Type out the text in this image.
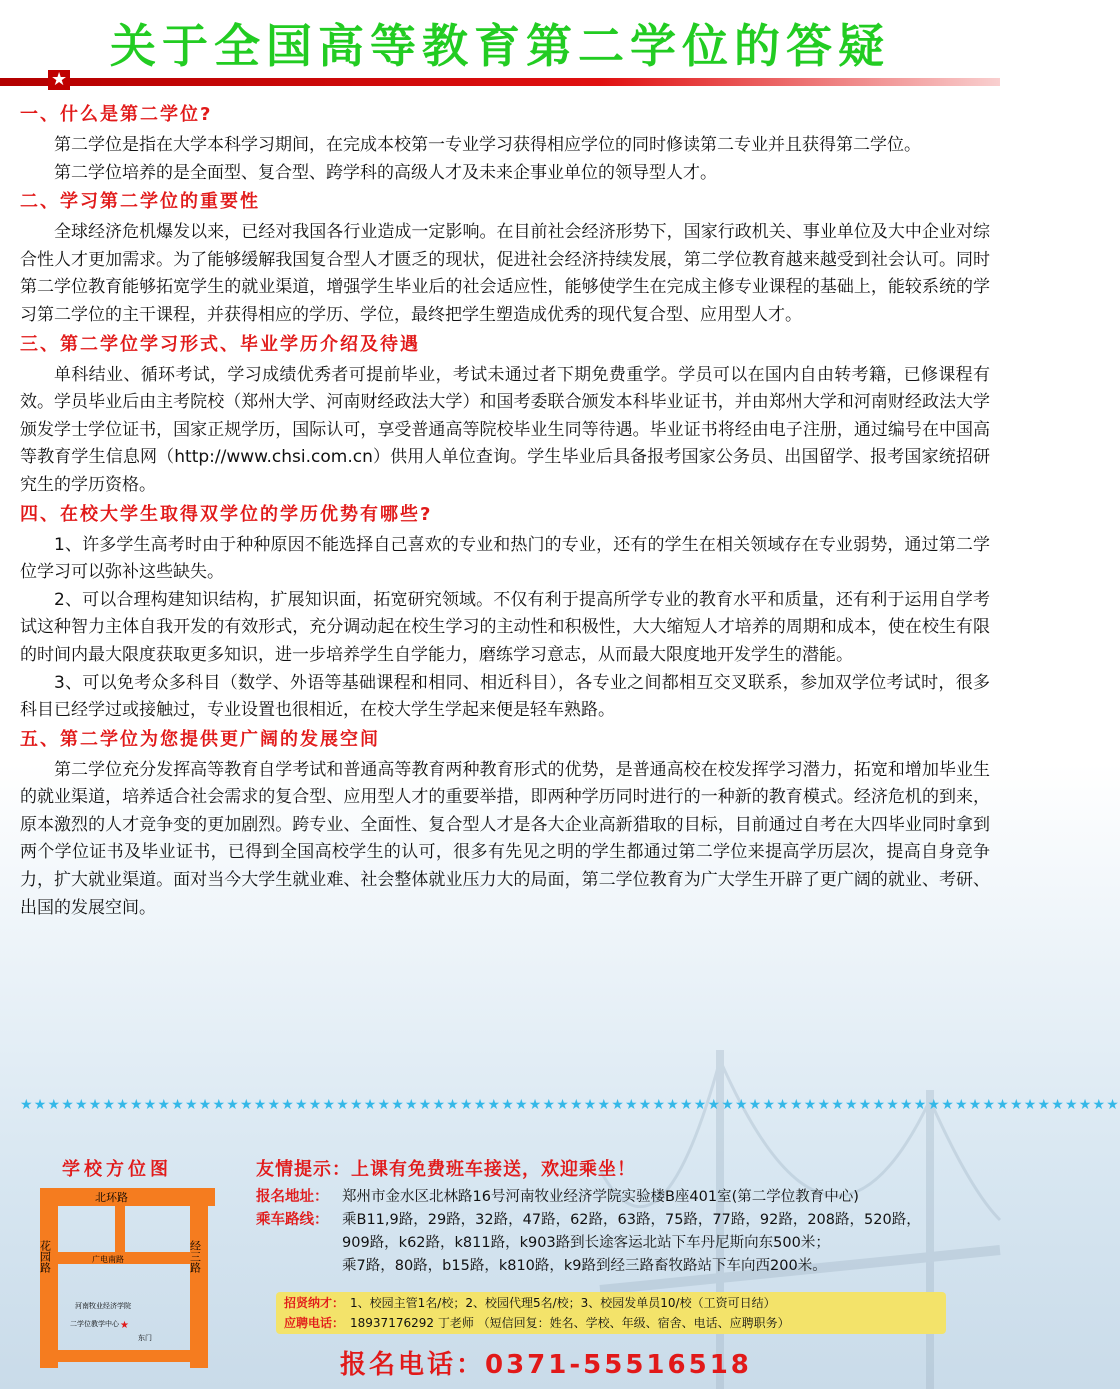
关于全国高等教育第二学位的答疑
★
一、什么是第二学位?

第二学位是指在大学本科学习期间，在完成本校第一专业学习获得相应学位的同时修读第二专业并且获得第二学位。

第二学位培养的是全面型、复合型、跨学科的高级人才及未来企事业单位的领导型人才。

二、学习第二学位的重要性

全球经济危机爆发以来，已经对我国各行业造成一定影响。在目前社会经济形势下，国家行政机关、事业单位及大中企业对综合性人才更加需求。为了能够缓解我国复合型人才匮乏的现状，促进社会经济持续发展，第二学位教育越来越受到社会认可。同时第二学位教育能够拓宽学生的就业渠道，增强学生毕业后的社会适应性，能够使学生在完成主修专业课程的基础上，能较系统的学习第二学位的主干课程，并获得相应的学历、学位，最终把学生塑造成优秀的现代复合型、应用型人才。

三、第二学位学习形式、毕业学历介绍及待遇

单科结业、循环考试，学习成绩优秀者可提前毕业，考试未通过者下期免费重学。学员可以在国内自由转考籍，已修课程有效。学员毕业后由主考院校（郑州大学、河南财经政法大学）和国考委联合颁发本科毕业证书，并由郑州大学和河南财经政法大学颁发学士学位证书，国家正规学历，国际认可，享受普通高等院校毕业生同等待遇。毕业证书将经由电子注册，通过编号在中国高等教育学生信息网（http://www.chsi.com.cn）供用人单位查询。学生毕业后具备报考国家公务员、出国留学、报考国家统招研究生的学历资格。

四、在校大学生取得双学位的学历优势有哪些?

1、许多学生高考时由于种种原因不能选择自己喜欢的专业和热门的专业，还有的学生在相关领域存在专业弱势，通过第二学位学习可以弥补这些缺失。

2、可以合理构建知识结构，扩展知识面，拓宽研究领域。不仅有利于提高所学专业的教育水平和质量，还有利于运用自学考试这种智力主体自我开发的有效形式，充分调动起在校生学习的主动性和积极性，大大缩短人才培养的周期和成本，使在校生有限的时间内最大限度获取更多知识，进一步培养学生自学能力，磨练学习意志，从而最大限度地开发学生的潜能。

3、可以免考众多科目（数学、外语等基础课程和相同、相近科目），各专业之间都相互交叉联系，参加双学位考试时，很多科目已经学过或接触过，专业设置也很相近，在校大学生学起来便是轻车熟路。

五、第二学位为您提供更广阔的发展空间

第二学位充分发挥高等教育自学考试和普通高等教育两种教育形式的优势，是普通高校在校发挥学习潜力，拓宽和增加毕业生的就业渠道，培养适合社会需求的复合型、应用型人才的重要举措，即两种学历同时进行的一种新的教育模式。经济危机的到来，原本激烈的人才竞争变的更加剧烈。跨专业、全面性、复合型人才是各大企业高新猎取的目标，目前通过自考在大四毕业同时拿到两个学位证书及毕业证书，已得到全国高校学生的认可，很多有先见之明的学生都通过第二学位来提高学历层次，提高自身竞争力，扩大就业渠道。面对当今大学生就业难、社会整体就业压力大的局面，第二学位教育为广大学生开辟了更广阔的就业、考研、出国的发展空间。

★★★★★★★★★★★★★★★★★★★★★★★★★★★★★★★★★★★★★★★★★★★★★★★★★★★★★★★★★★★★★★★★★★★★★★★★★★★★★★★★
学校方位图
北环路
花园路	经三路
广电南路
河南牧业经济学院
二学位教学中心
东门
★
友情提示：上课有免费班车接送，欢迎乘坐！
报名地址： 郑州市金水区北林路16号河南牧业经济学院实验楼B座401室(第二学位教育中心)
乘车路线： 乘B11,9路，29路，32路，47路，62路，63路，75路，77路，92路，208路，520路，
909路，k62路，k811路，k903路到长途客运北站下车丹尼斯向东500米；
乘7路，80路，b15路，k810路，k9路到经三路畜牧路站下车向西200米。
招贤纳才： 1、校园主管1名/校；2、校园代理5名/校；3、校园发单员10/校（工资可日结）
应聘电话： 18937176292 丁老师 （短信回复：姓名、学校、年级、宿舍、电话、应聘职务）
报名电话：0371-55516518
